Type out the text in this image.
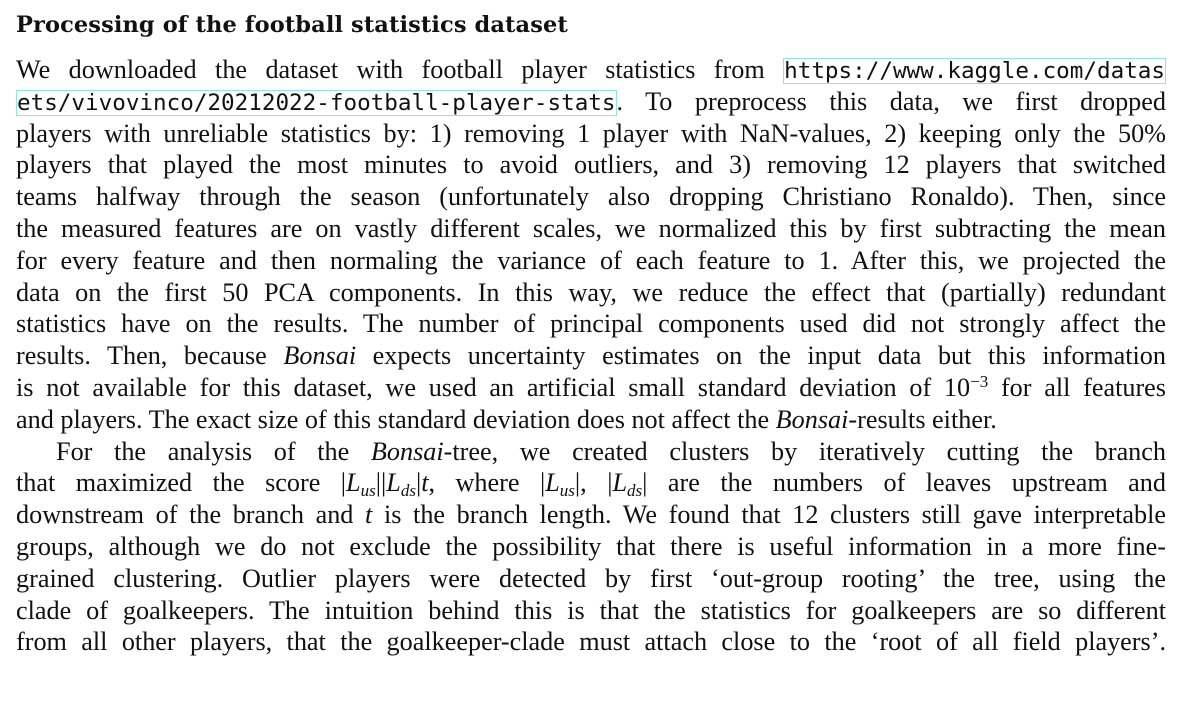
Processing of the football statistics dataset
We downloaded the dataset with football player statistics from https://www.kaggle.com/datas
ets/vivovinco/20212022-football-player-stats. To preprocess this data, we first dropped
players with unreliable statistics by: 1) removing 1 player with NaN-values, 2) keeping only the 50%
players that played the most minutes to avoid outliers, and 3) removing 12 players that switched
teams halfway through the season (unfortunately also dropping Christiano Ronaldo). Then, since
the measured features are on vastly different scales, we normalized this by first subtracting the mean
for every feature and then normaling the variance of each feature to 1. After this, we projected the
data on the first 50 PCA components. In this way, we reduce the effect that (partially) redundant
statistics have on the results. The number of principal components used did not strongly affect the
results. Then, because Bonsai expects uncertainty estimates on the input data but this information
is not available for this dataset, we used an artificial small standard deviation of $10^{-3}$ for all features
and players. The exact size of this standard deviation does not affect the Bonsai-results either.
For the analysis of the Bonsai-tree, we created clusters by iteratively cutting the branch
that maximized the score $|L_{us}||L_{ds}|t$, where $|L_{us}|$, $|L_{ds}|$ are the numbers of leaves upstream and
downstream of the branch and t is the branch length. We found that 12 clusters still gave interpretable
groups, although we do not exclude the possibility that there is useful information in a more fine-
grained clustering. Outlier players were detected by first ‘out-group rooting’ the tree, using the
clade of goalkeepers. The intuition behind this is that the statistics for goalkeepers are so different
from all other players, that the goalkeeper-clade must attach close to the ‘root of all field players’.
